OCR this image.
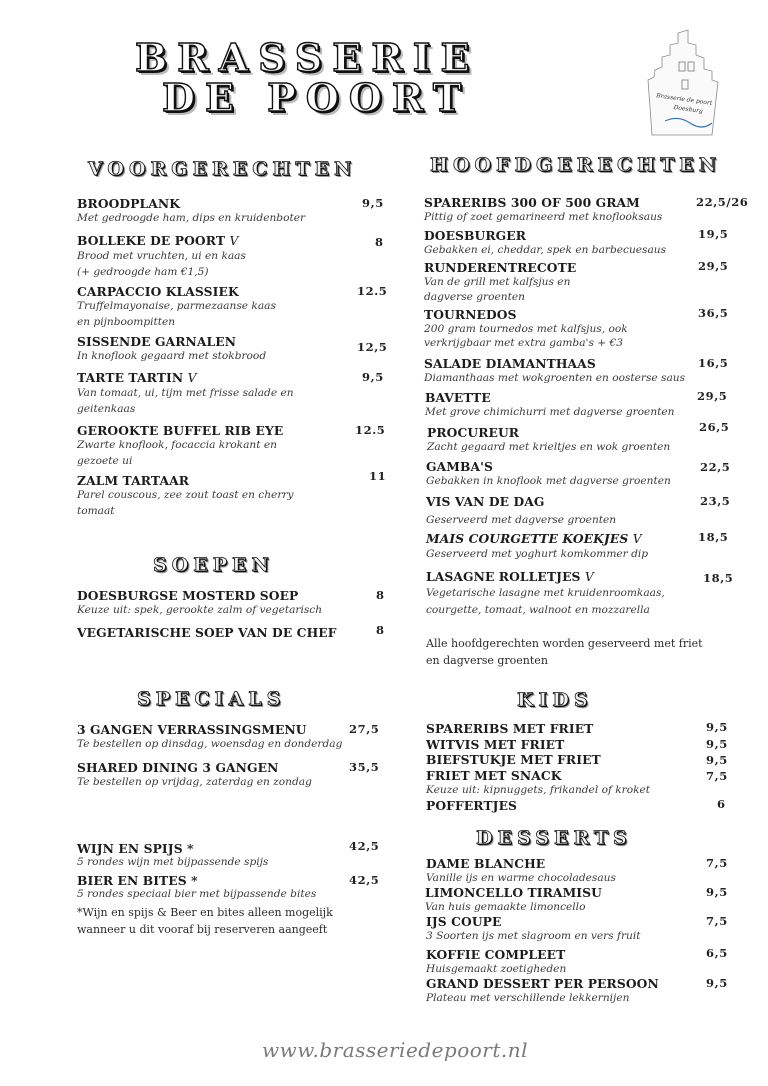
BRASSERIE
DE POORT	Brasserie de poort
Doesburg
VOORGERECHTEN
BROODPLANK
Met gedroogde ham, dips en kruidenboter
9,5
BOLLEKE DE POORT V
Brood met vruchten, ui en kaas
(+ gedroogde ham €1,5)
8
CARPACCIO KLASSIEK
Truffelmayonaise, parmezaanse kaas
en pijnboompitten
12.5
SISSENDE GARNALEN
In knoflook gegaard met stokbrood
12,5
TARTE TARTIN V
Van tomaat, ui, tijm met frisse salade en
geitenkaas
9,5
GEROOKTE BUFFEL RIB EYE
Zwarte knoflook, focaccia krokant en
gezoete ui
12.5
ZALM TARTAAR
Parel couscous, zee zout toast en cherry
tomaat
11
SOEPEN
DOESBURGSE MOSTERD SOEP
Keuze uit: spek, gerookte zalm of vegetarisch
8
VEGETARISCHE SOEP VAN DE CHEF	8
SPECIALS
3 GANGEN VERRASSINGSMENU
Te bestellen op dinsdag, woensdag en donderdag
27,5
SHARED DINING 3 GANGEN
Te bestellen op vrijdag, zaterdag en zondag
35,5
WIJN EN SPIJS *
5 rondes wijn met bijpassende spijs
42,5
BIER EN BITES *
5 rondes speciaal bier met bijpassende bites
42,5
*Wijn en spijs & Beer en bites alleen mogelijk
wanneer u dit vooraf bij reserveren aangeeft
HOOFDGERECHTEN
SPARERIBS 300 OF 500 GRAM
Pittig of zoet gemarineerd met knoflooksaus
22,5/26
DOESBURGER
Gebakken ei, cheddar, spek en barbecuesaus
19,5
RUNDERENTRECOTE
Van de grill met kalfsjus en
dagverse groenten
29,5
TOURNEDOS
200 gram tournedos met kalfsjus, ook
verkrijgbaar met extra gamba's + €3
36,5
SALADE DIAMANTHAAS
Diamanthaas met wokgroenten en oosterse saus
16,5
BAVETTE
Met grove chimichurri met dagverse groenten
29,5
PROCUREUR
Zacht gegaard met krieltjes en wok groenten
26,5
GAMBA'S
Gebakken in knoflook met dagverse groenten
22,5
VIS VAN DE DAG
Geserveerd met dagverse groenten
23,5
MAIS COURGETTE KOEKJES V
Geserveerd met yoghurt komkommer dip
18,5
LASAGNE ROLLETJES V
Vegetarische lasagne met kruidenroomkaas,
courgette, tomaat, walnoot en mozzarella
18,5
Alle hoofdgerechten worden geserveerd met friet
en dagverse groenten
KIDS
SPARERIBS MET FRIET
WITVIS MET FRIET
BIEFSTUKJE MET FRIET
FRIET MET SNACK
Keuze uit: kipnuggets, frikandel of kroket
POFFERTJES
9,5
9,5
9,5
7,5
6
DESSERTS
DAME BLANCHE
Vanille ijs en warme chocoladesaus
7,5
LIMONCELLO TIRAMISU
Van huis gemaakte limoncello
9,5
IJS COUPE
3 Soorten ijs met slagroom en vers fruit
7,5
KOFFIE COMPLEET
Huisgemaakt zoetigheden
6,5
GRAND DESSERT PER PERSOON
Plateau met verschillende lekkernijen
9,5
www.brasseriedepoort.nl
